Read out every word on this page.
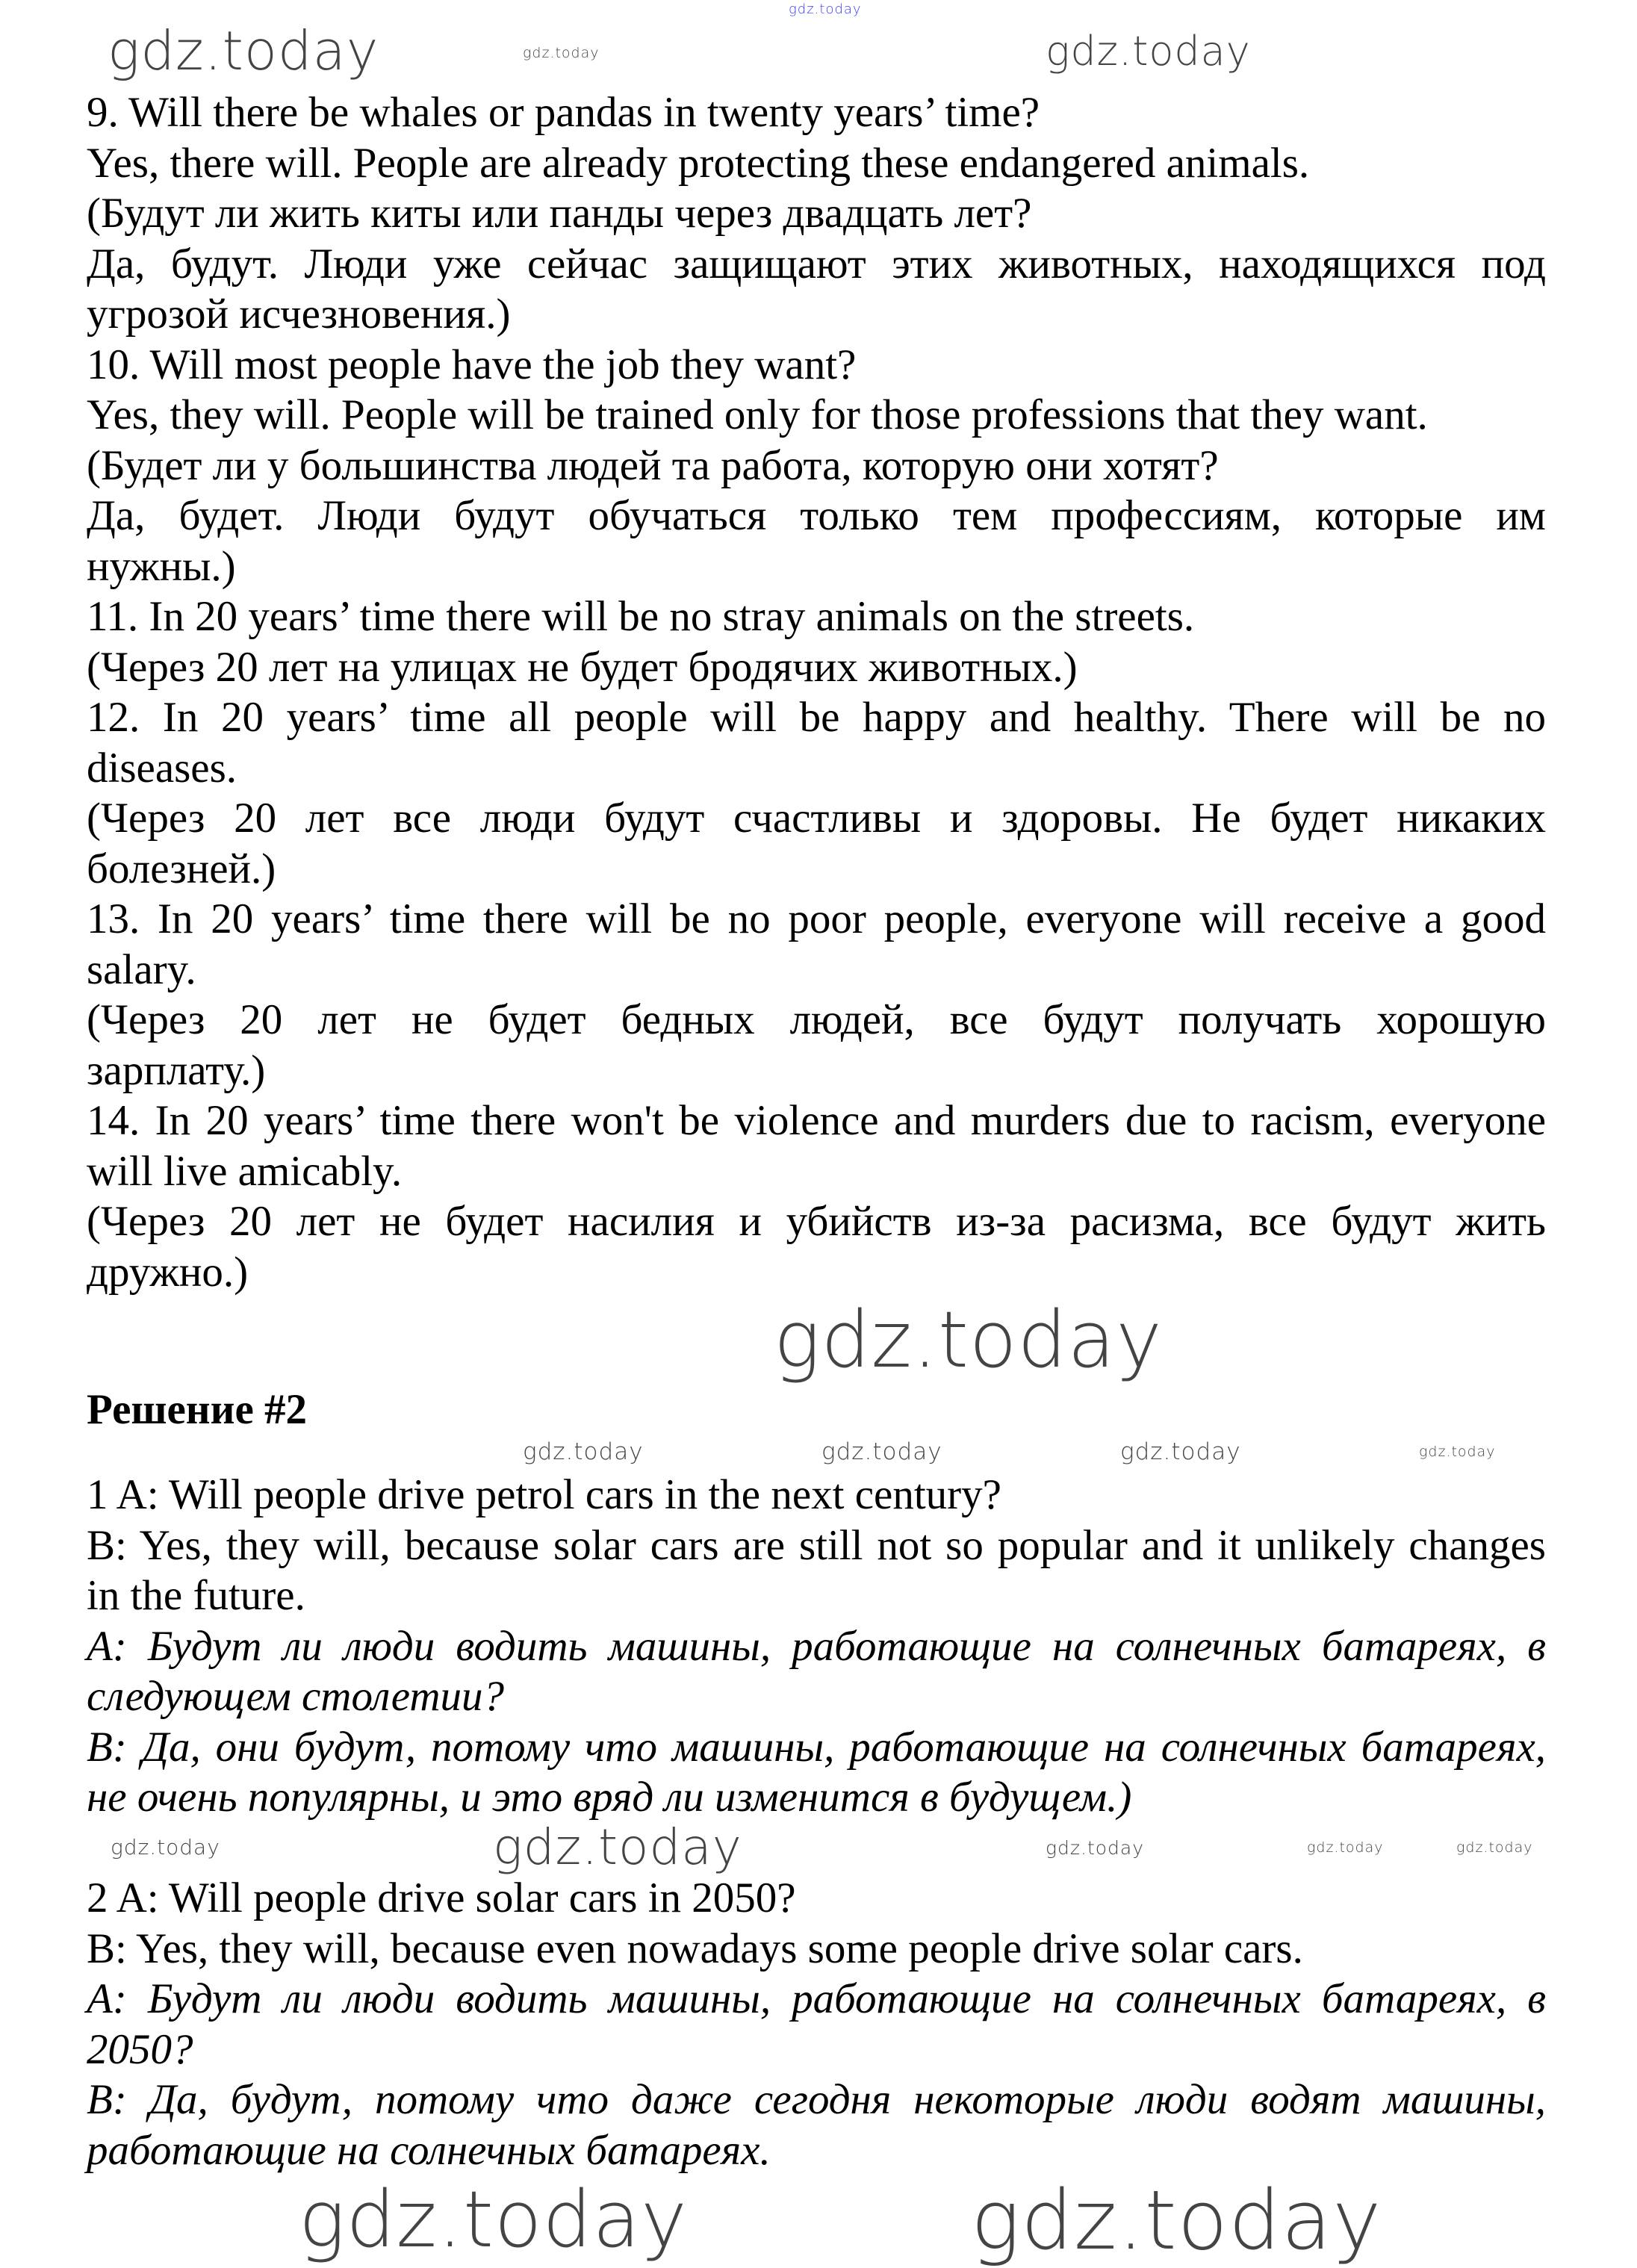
gdz.today
9. Will there be whales or pandas in twenty years’ time?
Yes, there will. People are already protecting these endangered animals.
(Будут ли жить киты или панды через двадцать лет?
Да, будут. Люди уже сейчас защищают этих животных, находящихся под
угрозой исчезновения.)
10. Will most people have the job they want?
Yes, they will. People will be trained only for those professions that they want.
(Будет ли у большинства людей та работа, которую они хотят?
Да, будет. Люди будут обучаться только тем профессиям, которые им
нужны.)
11. In 20 years’ time there will be no stray animals on the streets.
(Через 20 лет на улицах не будет бродячих животных.)
12. In 20 years’ time all people will be happy and healthy. There will be no
diseases.
(Через 20 лет все люди будут счастливы и здоровы. Не будет никаких
болезней.)
13. In 20 years’ time there will be no poor people, everyone will receive a good
salary.
(Через 20 лет не будет бедных людей, все будут получать хорошую
зарплату.)
14. In 20 years’ time there won't be violence and murders due to racism, everyone
will live amicably.
(Через 20 лет не будет насилия и убийств из-за расизма, все будут жить
дружно.)
Решение #2
1 A: Will people drive petrol cars in the next century?
B: Yes, they will, because solar cars are still not so popular and it unlikely changes
in the future.
A: Будут ли люди водить машины, работающие на солнечных батареях, в
следующем столетии?
B: Да, они будут, потому что машины, работающие на солнечных батареях,
не очень популярны, и это вряд ли изменится в будущем.)
2 A: Will people drive solar cars in 2050?
B: Yes, they will, because even nowadays some people drive solar cars.
A: Будут ли люди водить машины, работающие на солнечных батареях, в
2050?
B: Да, будут, потому что даже сегодня некоторые люди водят машины,
работающие на солнечных батареях.
gdz.today	gdz.today
gdz.today
gdz.today
gdz.today	gdz.today	gdz.today	gdz.today
gdz.today	gdz.today	gdz.today	gdz.today	gdz.today
gdz.today	gdz.today
